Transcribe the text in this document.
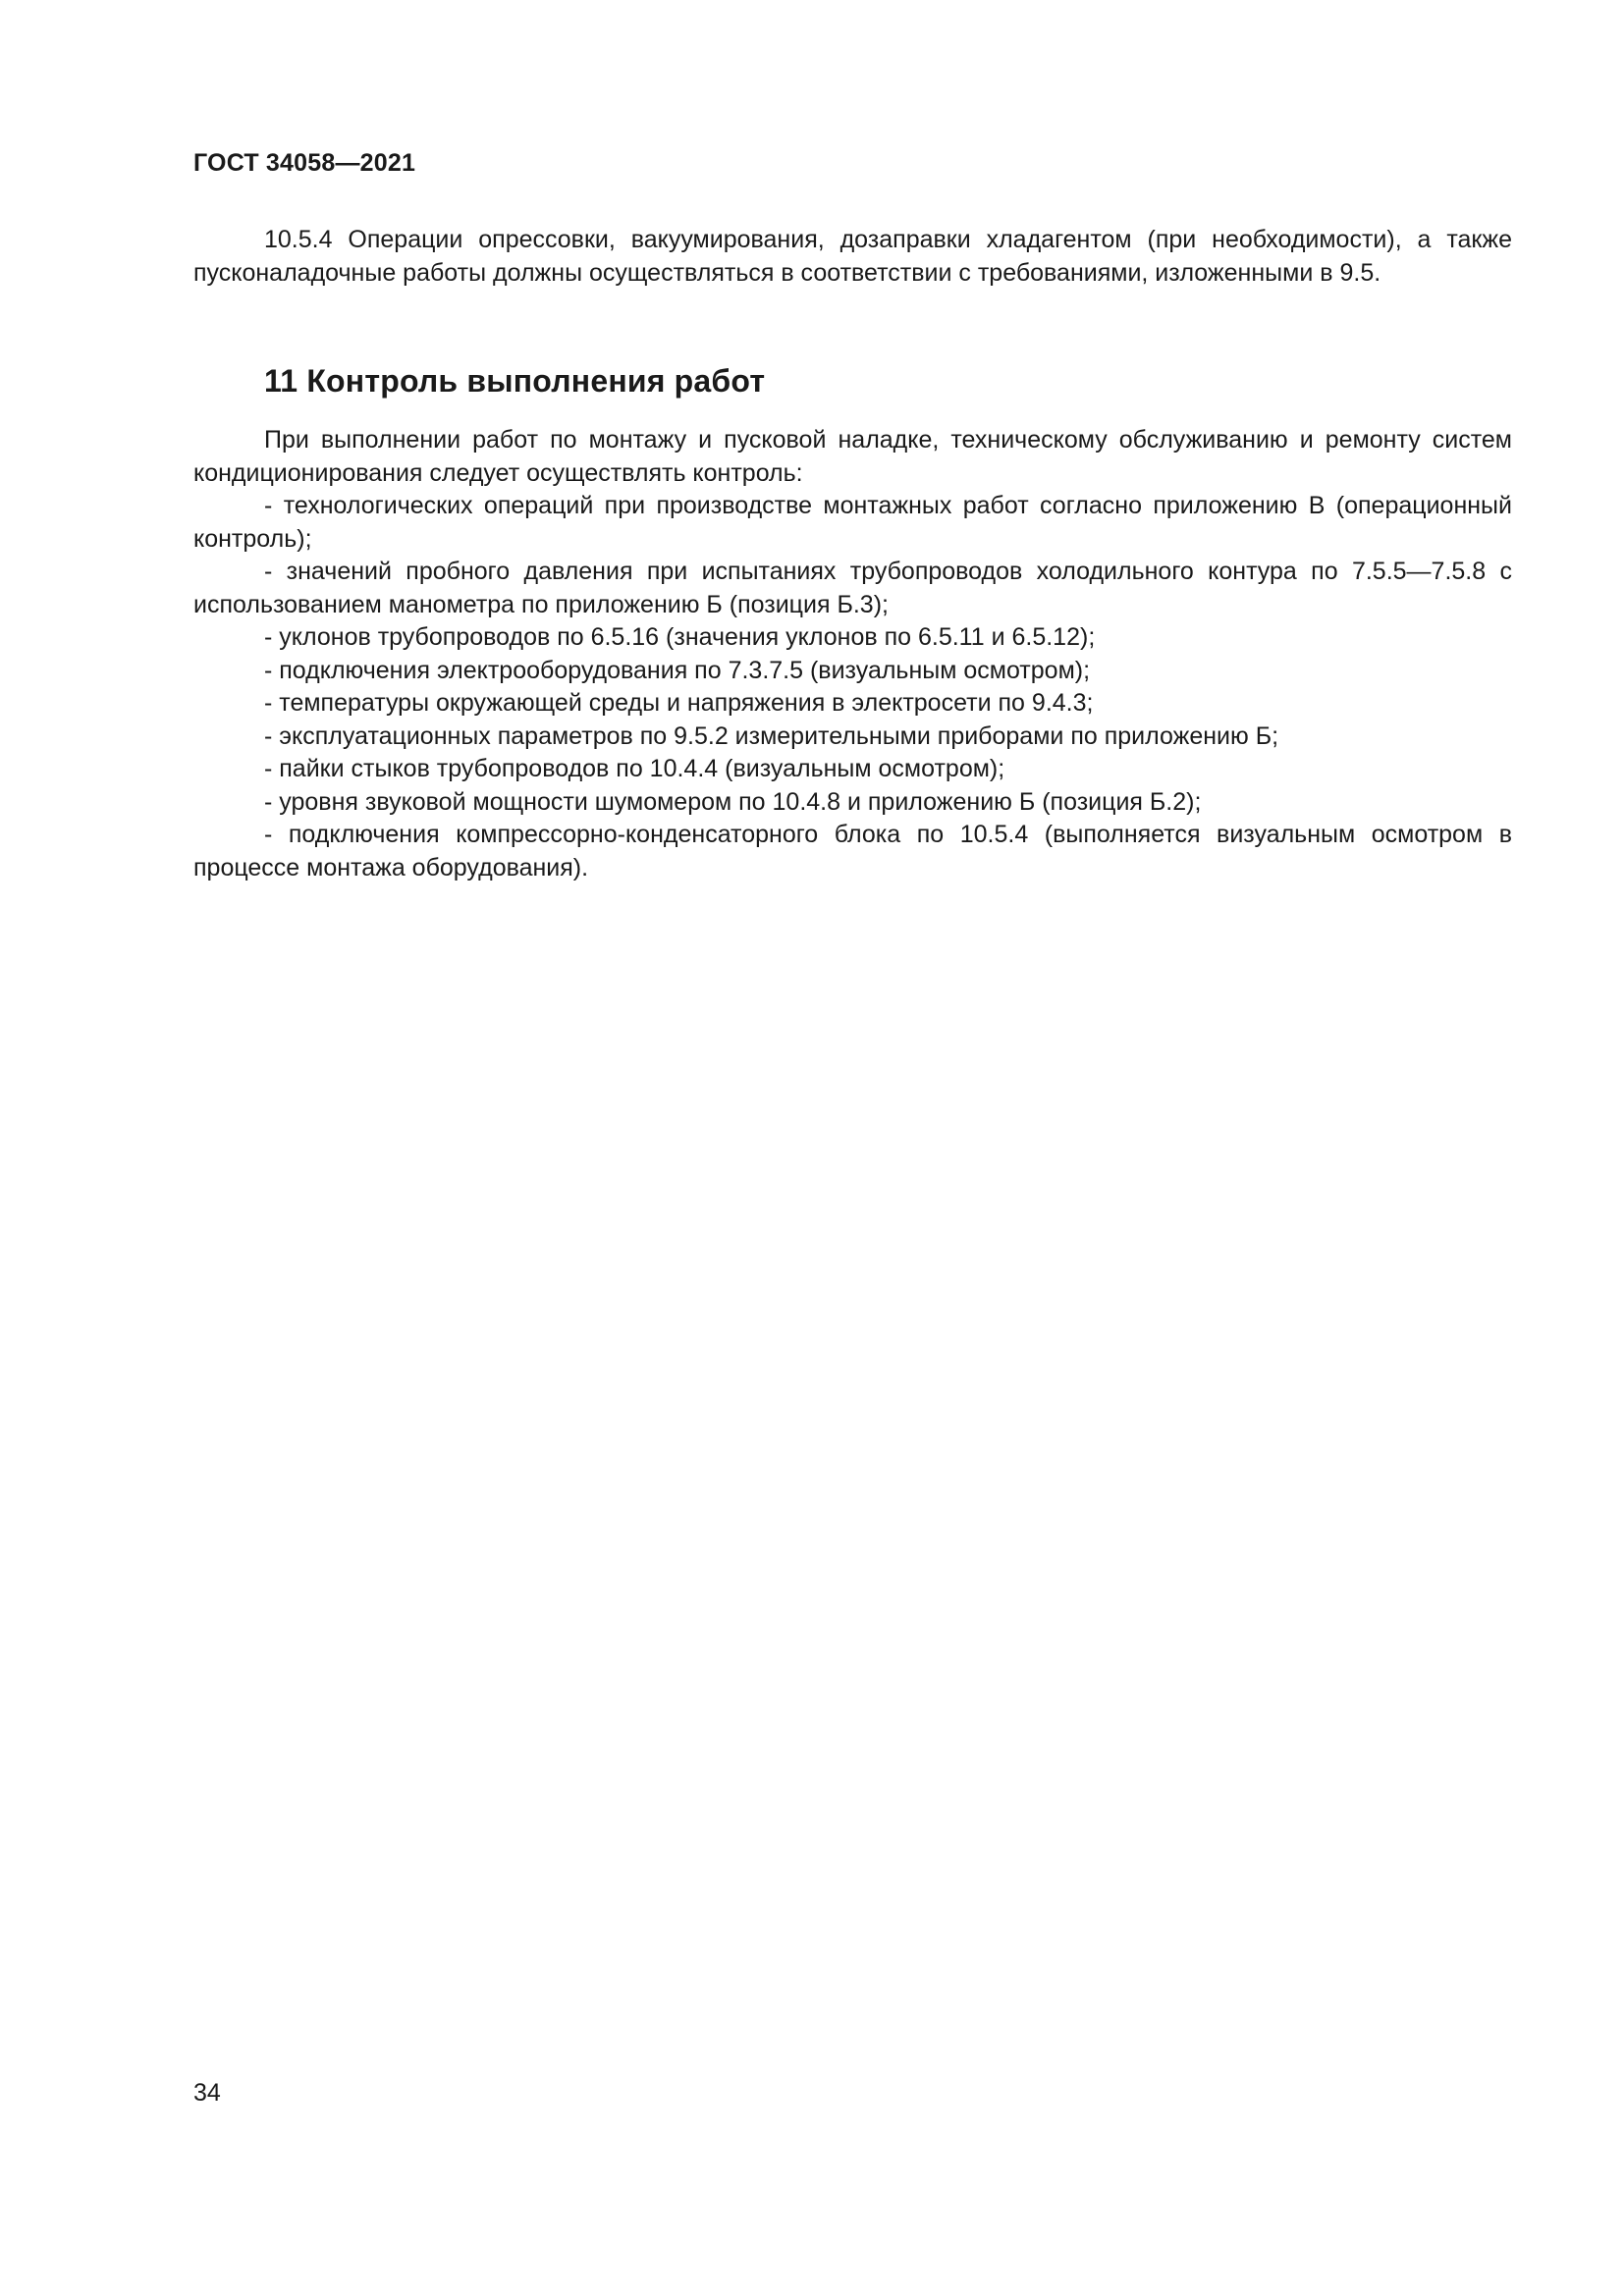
ГОСТ 34058—2021

10.5.4 Операции опрессовки, вакуумирования, дозаправки хладагентом (при необходимости), а также пусконаладочные работы должны осуществляться в соответствии с требованиями, изложенными в 9.5.

11 Контроль выполнения работ

При выполнении работ по монтажу и пусковой наладке, техническому обслуживанию и ремонту систем кондиционирования следует осуществлять контроль:

- технологических операций при производстве монтажных работ согласно приложению В (операционный контроль);

- значений пробного давления при испытаниях трубопроводов холодильного контура по 7.5.5—7.5.8 с использованием манометра по приложению Б (позиция Б.3);

- уклонов трубопроводов по 6.5.16 (значения уклонов по 6.5.11 и 6.5.12);

- подключения электрооборудования по 7.3.7.5 (визуальным осмотром);

- температуры окружающей среды и напряжения в электросети по 9.4.3;

- эксплуатационных параметров по 9.5.2 измерительными приборами по приложению Б;

- пайки стыков трубопроводов по 10.4.4 (визуальным осмотром);

- уровня звуковой мощности шумомером по 10.4.8 и приложению Б (позиция Б.2);

- подключения компрессорно-конденсаторного блока по 10.5.4 (выполняется визуальным осмотром в процессе монтажа оборудования).

34
